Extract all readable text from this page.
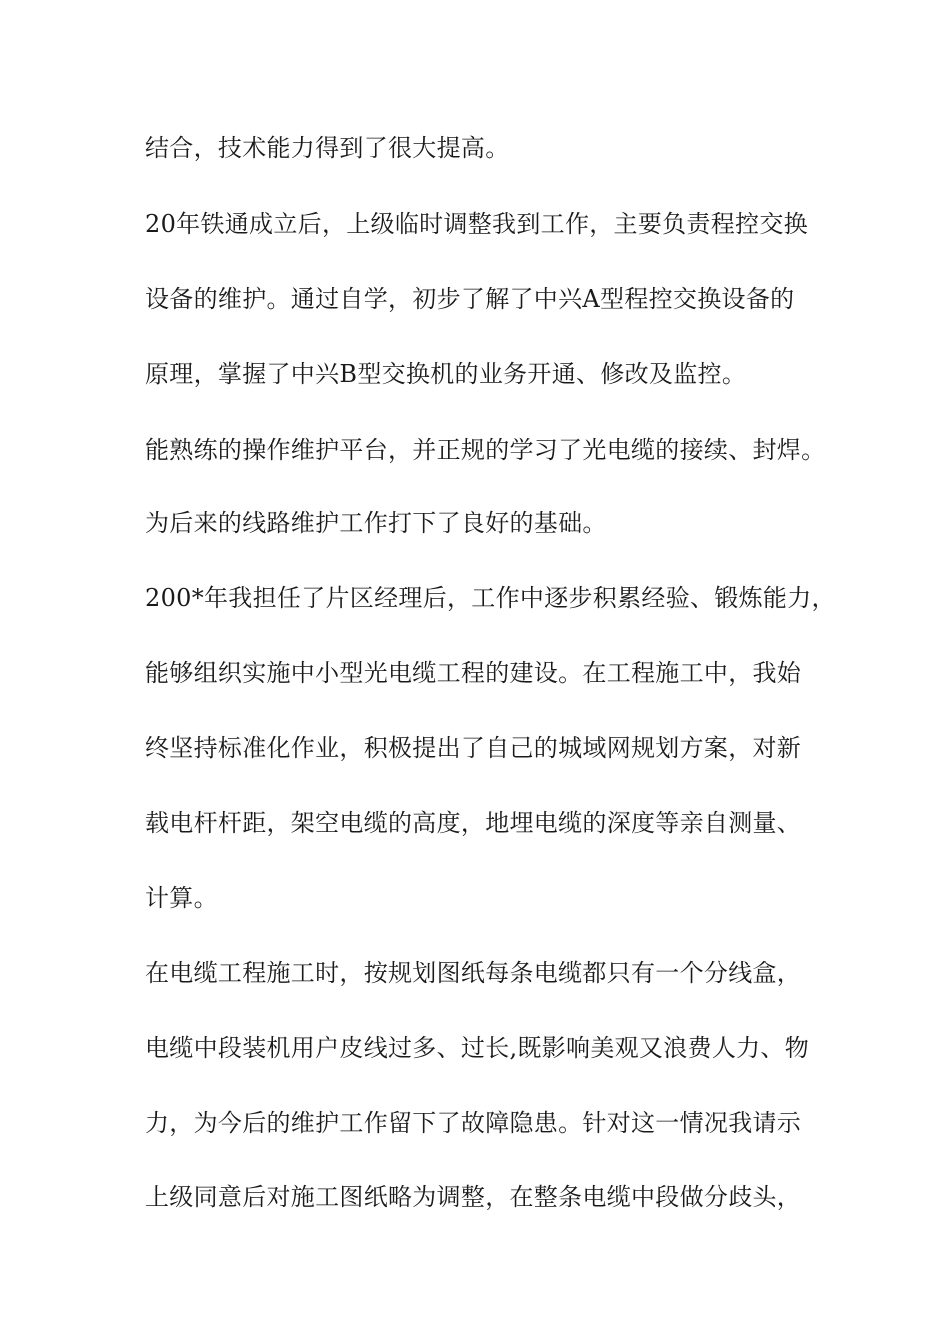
结合，技术能力得到了很大提高。

20年铁通成立后，上级临时调整我到工作，主要负责程控交换

设备的维护。通过自学，初步了解了中兴A型程控交换设备的

原理，掌握了中兴B型交换机的业务开通、修改及监控。

能熟练的操作维护平台，并正规的学习了光电缆的接续、封焊。

为后来的线路维护工作打下了良好的基础。

200*年我担任了片区经理后，工作中逐步积累经验、锻炼能力，

能够组织实施中小型光电缆工程的建设。在工程施工中，我始

终坚持标准化作业，积极提出了自己的城域网规划方案，对新

载电杆杆距，架空电缆的高度，地埋电缆的深度等亲自测量、

计算。

在电缆工程施工时，按规划图纸每条电缆都只有一个分线盒，

电缆中段装机用户皮线过多、过长,既影响美观又浪费人力、物

力，为今后的维护工作留下了故障隐患。针对这一情况我请示

上级同意后对施工图纸略为调整，在整条电缆中段做分歧头，
